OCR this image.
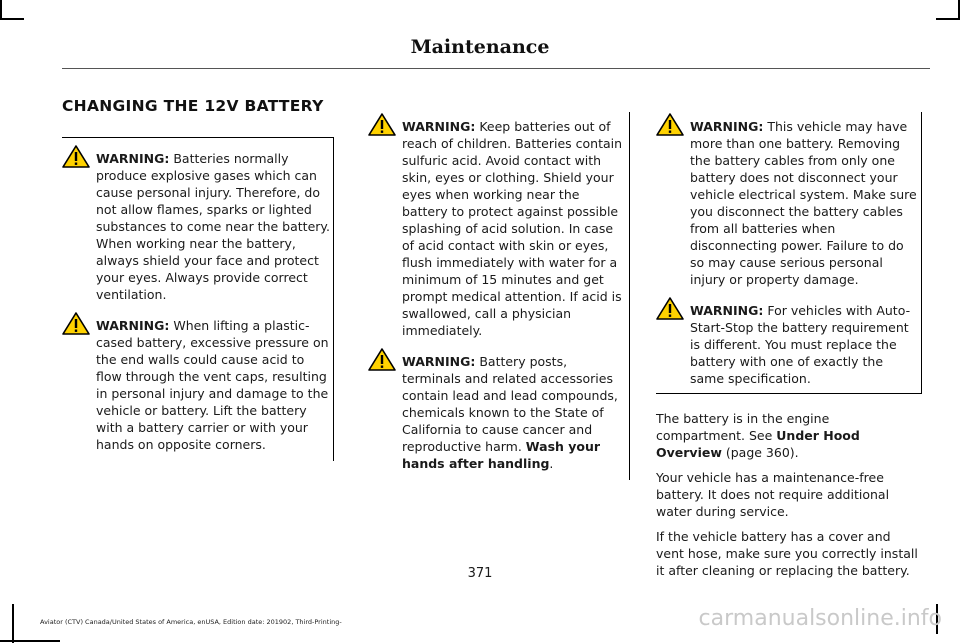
Maintenance
CHANGING THE 12V BATTERY
WARNING: Batteries normally produce explosive gases which can cause personal injury. Therefore, do not allow flames, sparks or lighted substances to come near the battery. When working near the battery, always shield your face and protect your eyes. Always provide correct ventilation.
WARNING: When lifting a plastic-cased battery, excessive pressure on the end walls could cause acid to flow through the vent caps, resulting in personal injury and damage to the vehicle or battery. Lift the battery with a battery carrier or with your hands on opposite corners.
WARNING: Keep batteries out of reach of children. Batteries contain sulfuric acid. Avoid contact with skin, eyes or clothing. Shield your eyes when working near the battery to protect against possible splashing of acid solution. In case of acid contact with skin or eyes, flush immediately with water for a minimum of 15 minutes and get prompt medical attention. If acid is swallowed, call a physician immediately.
WARNING: Battery posts, terminals and related accessories contain lead and lead compounds, chemicals known to the State of California to cause cancer and reproductive harm. Wash your hands after handling.
WARNING: This vehicle may have more than one battery. Removing the battery cables from only one battery does not disconnect your vehicle electrical system. Make sure you disconnect the battery cables from all batteries when disconnecting power. Failure to do so may cause serious personal injury or property damage.
WARNING: For vehicles with Auto-Start-Stop the battery requirement is different. You must replace the battery with one of exactly the same specification.

The battery is in the engine compartment. See Under Hood Overview (page 360).

Your vehicle has a maintenance-free battery. It does not require additional water during service.

If the vehicle battery has a cover and vent hose, make sure you correctly install it after cleaning or replacing the battery.

371
Aviator (CTV) Canada/United States of America, enUSA, Edition date: 201902, Third-Printing-	carmanualsonline.info
